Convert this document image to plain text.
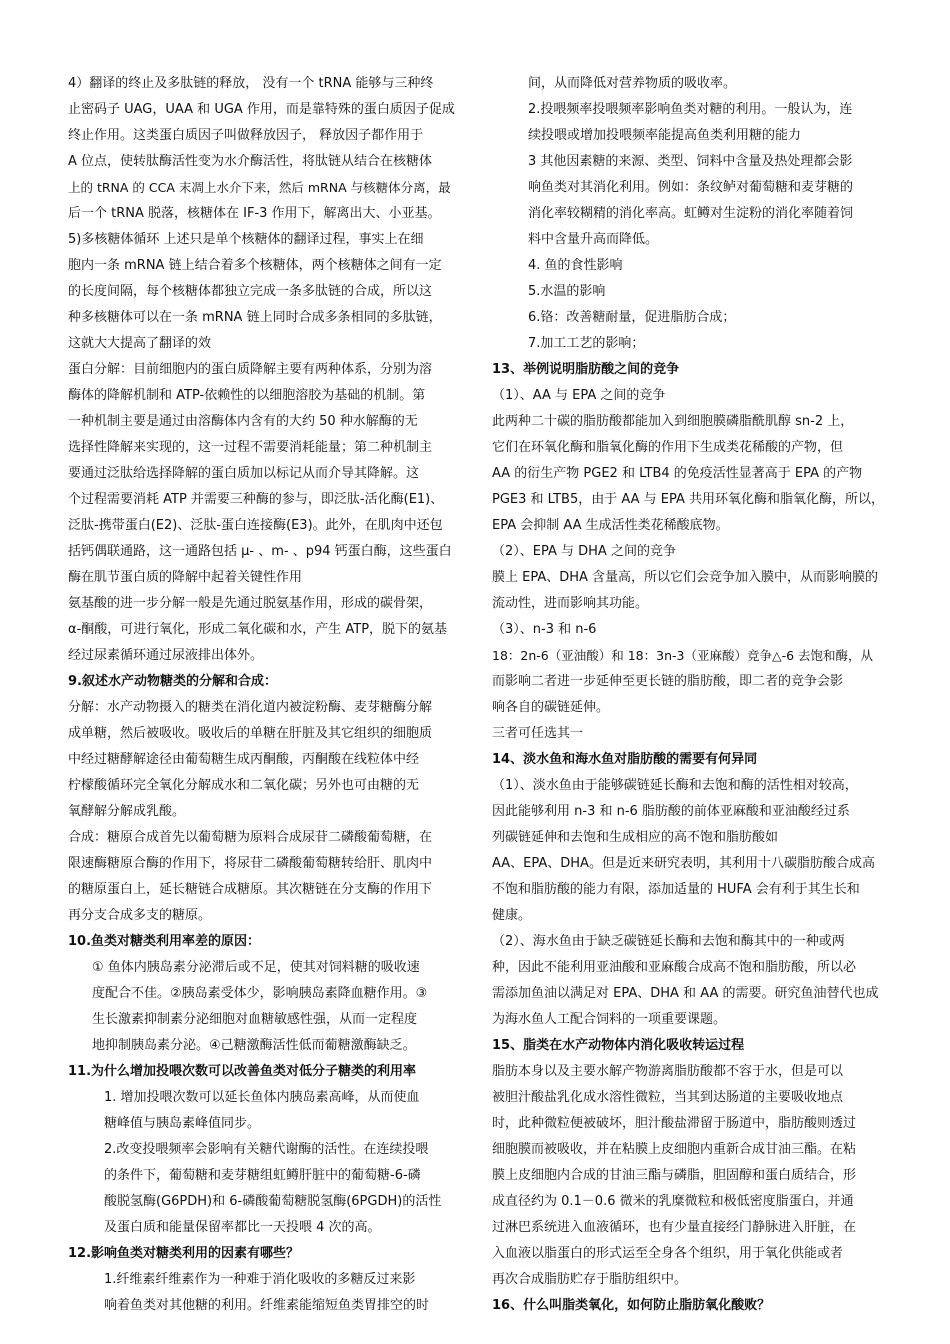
4）翻译的终止及多肽链的释放， 没有一个 tRNA 能够与三种终
止密码子 UAG，UAA 和 UGA 作用，而是靠特殊的蛋白质因子促成
终止作用。这类蛋白质因子叫做释放因子， 释放因子都作用于
A 位点，使转肽酶活性变为水介酶活性，将肽链从结合在核糖体
上的 tRNA 的 CCA 末凋上水介下来，然后 mRNA 与核糖体分离，最
后一个 tRNA 脱落，核糖体在 IF-3 作用下，解离出大、小亚基。
5)多核糖体循环 上述只是单个核糖体的翻译过程，事实上在细
胞内一条 mRNA 链上结合着多个核糖体，两个核糖体之间有一定
的长度间隔，每个核糖体都独立完成一条多肽链的合成，所以这
种多核糖体可以在一条 mRNA 链上同时合成多条相同的多肽链，
这就大大提高了翻译的效
蛋白分解：目前细胞内的蛋白质降解主要有两种体系，分别为溶
酶体的降解机制和 ATP-依赖性的以细胞溶胶为基础的机制。第
一种机制主要是通过由溶酶体内含有的大约 50 种水解酶的无
选择性降解来实现的，这一过程不需要消耗能量；第二种机制主
要通过泛肽给选择降解的蛋白质加以标记从而介导其降解。这
个过程需要消耗 ATP 并需要三种酶的参与，即泛肽-活化酶(E1)、
泛肽-携带蛋白(E2)、泛肽-蛋白连接酶(E3)。此外，在肌肉中还包
括钙偶联通路，这一通路包括 μ- 、m- 、p94 钙蛋白酶，这些蛋白
酶在肌节蛋白质的降解中起着关键性作用
氨基酸的进一步分解一般是先通过脱氨基作用，形成的碳骨架，
α-酮酸，可进行氧化，形成二氧化碳和水，产生 ATP，脱下的氨基
经过尿素循环通过尿液排出体外。
9.叙述水产动物糖类的分解和合成：
分解：水产动物摄入的糖类在消化道内被淀粉酶、麦芽糖酶分解
成单糖，然后被吸收。吸收后的单糖在肝脏及其它组织的细胞质
中经过糖酵解途径由葡萄糖生成丙酮酸，丙酮酸在线粒体中经
柠檬酸循环完全氧化分解成水和二氧化碳；另外也可由糖的无
氧酵解分解成乳酸。
合成：糖原合成首先以葡萄糖为原料合成尿苷二磷酸葡萄糖，在
限速酶糖原合酶的作用下，将尿苷二磷酸葡萄糖转给肝、肌肉中
的糖原蛋白上，延长糖链合成糖原。其次糖链在分支酶的作用下
再分支合成多支的糖原。
10.鱼类对糖类利用率差的原因：
① 鱼体内胰岛素分泌滞后或不足，使其对饲料糖的吸收速
度配合不佳。②胰岛素受体少，影响胰岛素降血糖作用。③
生长激素抑制素分泌细胞对血糖敏感性强，从而一定程度
地抑制胰岛素分泌。④己糖激酶活性低而葡糖激酶缺乏。
11.为什么增加投喂次数可以改善鱼类对低分子糖类的利用率
1. 增加投喂次数可以延长鱼体内胰岛素高峰，从而使血
糖峰值与胰岛素峰值同步。
2.改变投喂频率会影响有关糖代谢酶的活性。在连续投喂
的条件下，葡萄糖和麦芽糖组虹鳟肝脏中的葡萄糖-6-磷
酸脱氢酶(G6PDH)和 6-磷酸葡萄糖脱氢酶(6PGDH)的活性
及蛋白质和能量保留率都比一天投喂 4 次的高。
12.影响鱼类对糖类利用的因素有哪些？
1.纤维素纤维素作为一种难于消化吸收的多糖反过来影
响着鱼类对其他糖的利用。纤维素能缩短鱼类胃排空的时
间，从而降低对营养物质的吸收率。
2.投喂频率投喂频率影响鱼类对糖的利用。一般认为，连
续投喂或增加投喂频率能提高鱼类利用糖的能力
3 其他因素糖的来源、类型、饲料中含量及热处理都会影
响鱼类对其消化利用。例如：条纹鲈对葡萄糖和麦芽糖的
消化率较糊精的消化率高。虹鳟对生淀粉的消化率随着饲
料中含量升高而降低。
4. 鱼的食性影响
5.水温的影响
6.铬：改善糖耐量，促进脂肪合成；
7.加工工艺的影响；
13、举例说明脂肪酸之间的竞争
（1）、AA 与 EPA 之间的竞争
此两种二十碳的脂肪酸都能加入到细胞膜磷脂酰肌醇 sn-2 上，
它们在环氧化酶和脂氧化酶的作用下生成类花稀酸的产物，但
AA 的衍生产物 PGE2 和 LTB4 的免疫活性显著高于 EPA 的产物
PGE3 和 LTB5，由于 AA 与 EPA 共用环氧化酶和脂氧化酶，所以，
EPA 会抑制 AA 生成活性类花稀酸底物。
（2）、EPA 与 DHA 之间的竞争
膜上 EPA、DHA 含量高，所以它们会竞争加入膜中，从而影响膜的
流动性，进而影响其功能。
（3）、n-3 和 n-6
18：2n-6（亚油酸）和 18：3n-3（亚麻酸）竞争△-6 去饱和酶，从
而影响二者进一步延伸至更长链的脂肪酸，即二者的竞争会影
响各自的碳链延伸。
三者可任选其一
14、淡水鱼和海水鱼对脂肪酸的需要有何异同
（1）、淡水鱼由于能够碳链延长酶和去饱和酶的活性相对较高，
因此能够利用 n-3 和 n-6 脂肪酸的前体亚麻酸和亚油酸经过系
列碳链延伸和去饱和生成相应的高不饱和脂肪酸如
AA、EPA、DHA。但是近来研究表明，其利用十八碳脂肪酸合成高
不饱和脂肪酸的能力有限，添加适量的 HUFA 会有利于其生长和
健康。
（2）、海水鱼由于缺乏碳链延长酶和去饱和酶其中的一种或两
种，因此不能利用亚油酸和亚麻酸合成高不饱和脂肪酸，所以必
需添加鱼油以满足对 EPA、DHA 和 AA 的需要。研究鱼油替代也成
为海水鱼人工配合饲料的一项重要课题。
15、脂类在水产动物体内消化吸收转运过程
脂肪本身以及主要水解产物游离脂肪酸都不容于水，但是可以
被胆汁酸盐乳化成水溶性微粒，当其到达肠道的主要吸收地点
时，此种微粒便被破坏，胆汁酸盐滞留于肠道中，脂肪酸则透过
细胞膜而被吸收，并在粘膜上皮细胞内重新合成甘油三酯。在粘
膜上皮细胞内合成的甘油三酯与磷脂，胆固醇和蛋白质结合，形
成直径约为 0.1－0.6 微米的乳糜微粒和极低密度脂蛋白，并通
过淋巴系统进入血液循环，也有少量直接经门静脉进入肝脏，在
入血液以脂蛋白的形式运至全身各个组织，用于氧化供能或者
再次合成脂肪贮存于脂肪组织中。
16、什么叫脂类氧化，如何防止脂肪氧化酸败？
